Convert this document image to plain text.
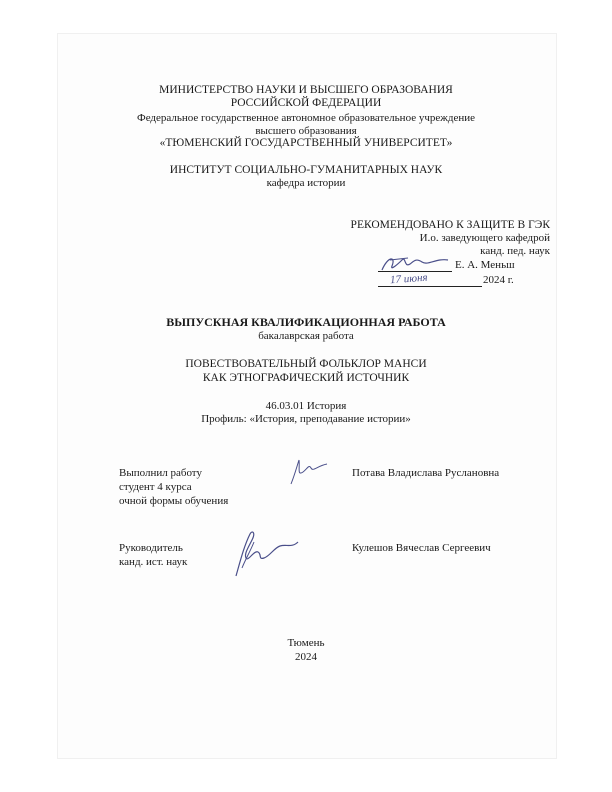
МИНИСТЕРСТВО НАУКИ И ВЫСШЕГО ОБРАЗОВАНИЯ
РОССИЙСКОЙ ФЕДЕРАЦИИ
Федеральное государственное автономное образовательное учреждение
высшего образования
«ТЮМЕНСКИЙ ГОСУДАРСТВЕННЫЙ УНИВЕРСИТЕТ»
ИНСТИТУТ СОЦИАЛЬНО-ГУМАНИТАРНЫХ НАУК
кафедра истории
РЕКОМЕНДОВАНО К ЗАЩИТЕ В ГЭК
И.о. заведующего кафедрой
канд. пед. наук
Е. А. Меньш
17 июня	2024 г.
ВЫПУСКНАЯ КВАЛИФИКАЦИОННАЯ РАБОТА
бакалаврская работа
ПОВЕСТВОВАТЕЛЬНЫЙ ФОЛЬКЛОР МАНСИ
КАК ЭТНОГРАФИЧЕСКИЙ ИСТОЧНИК
46.03.01 История
Профиль: «История, преподавание истории»
Выполнил работу
студент 4 курса
очной формы обучения
Потава Владислава Руслановна
Руководитель
канд. ист. наук
Кулешов Вячеслав Сергеевич
Тюмень
2024
